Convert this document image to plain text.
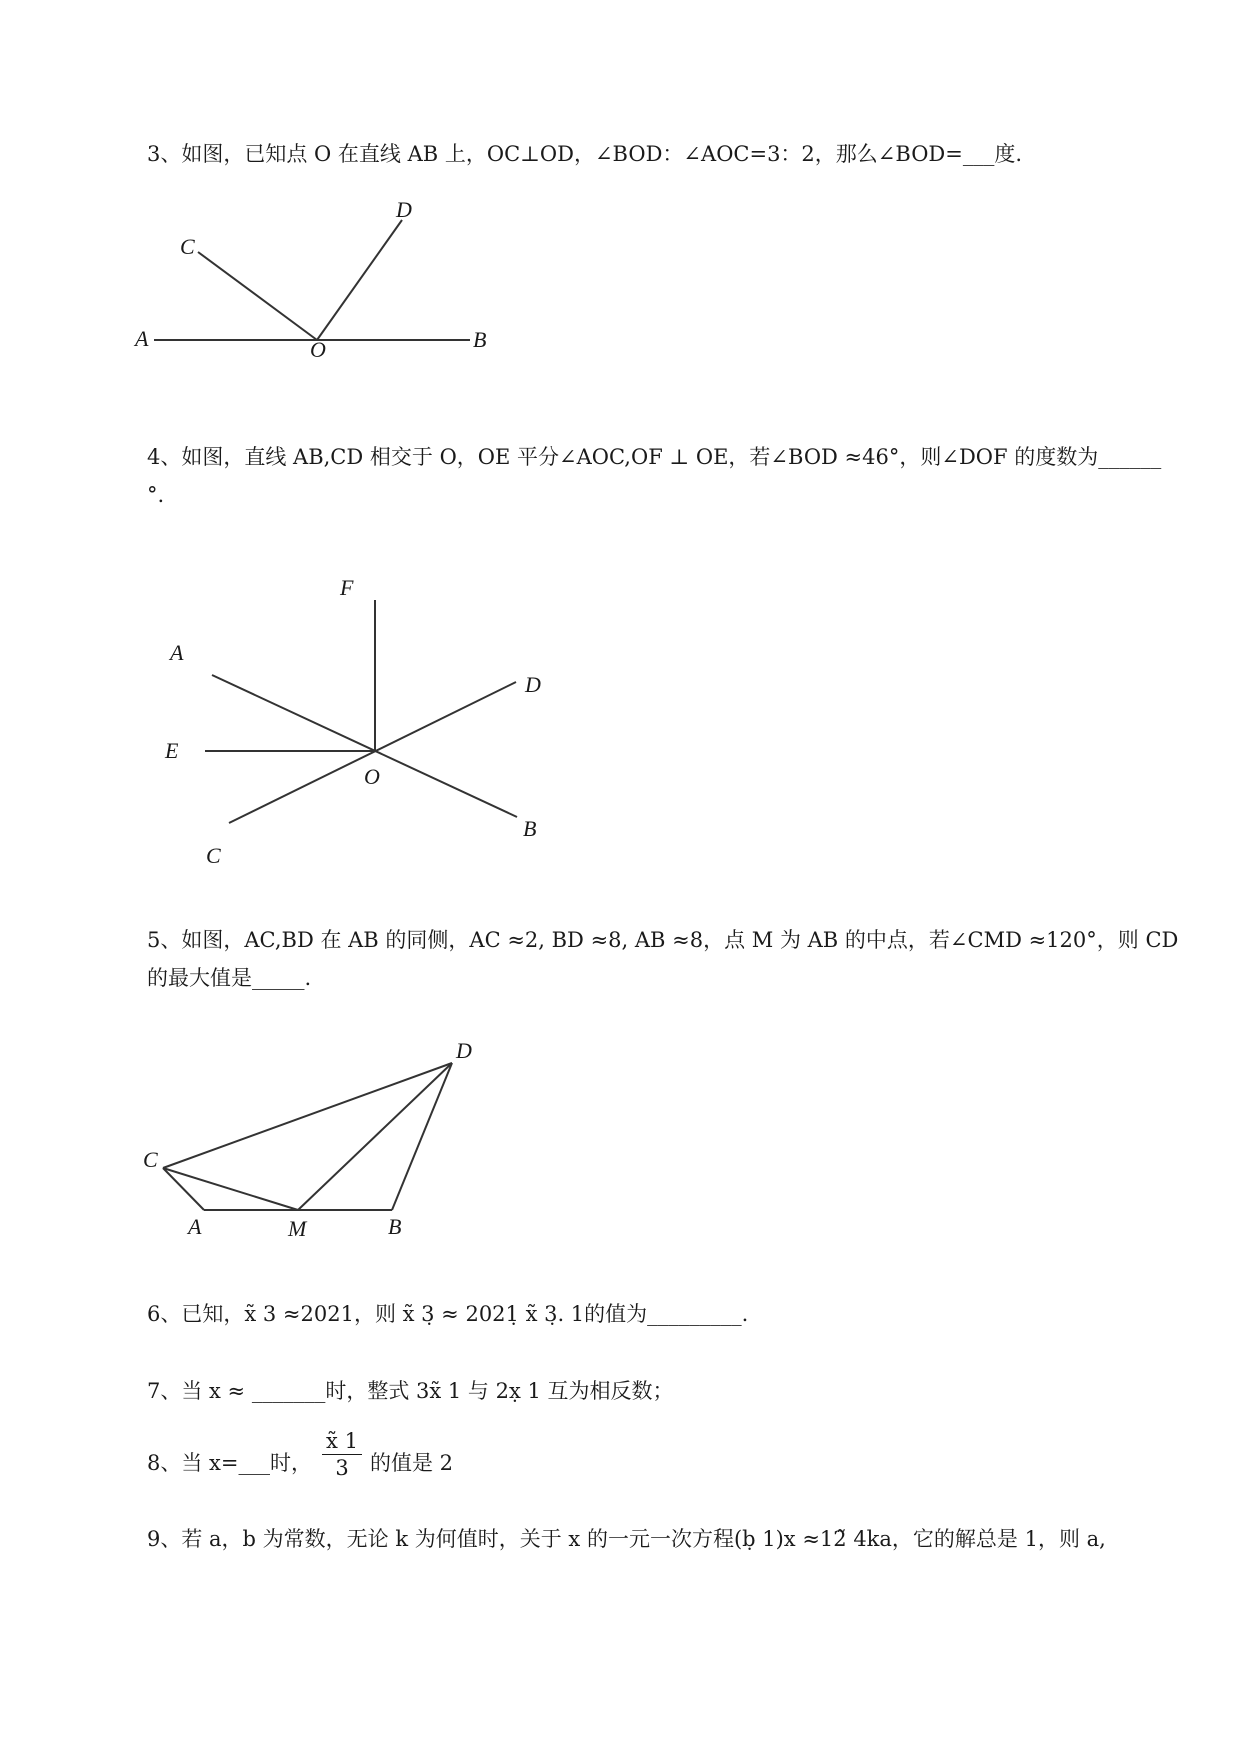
3、如图，已知点 O 在直线 AB 上，OC⊥OD，∠BOD：∠AOC=3：2，那么∠BOD=___度.
A	B
C
D
O
4、如图，直线 AB,CD 相交于 O，OE 平分∠AOC,OF ⊥ OE，若∠BOD ≈46°，则∠DOF 的度数为______
°.
A
B
C
D
E
F
O
5、如图，AC,BD 在 AB 的同侧，AC ≈2, BD ≈8, AB ≈8，点 M 为 AB 的中点，若∠CMD ≈120°，则 CD
的最大值是_____.
A	B
C
D
M
6、已知，x̃ 3 ≈2021，则 x̃ 3̣ ≈ 2021̣ x̃ 3̣. 1的值为_________.
7、当 x ≈ _______时，整式 3x̃ 1 与 2x̣ 1 互为相反数；
8、当 x=___时，
x̃ 1
3	的值是 2
9、若 a，b 为常数，无论 k 为何值时，关于 x 的一元一次方程(ḅ 1)x ≈12̃ 4ka，它的解总是 1，则 a,
